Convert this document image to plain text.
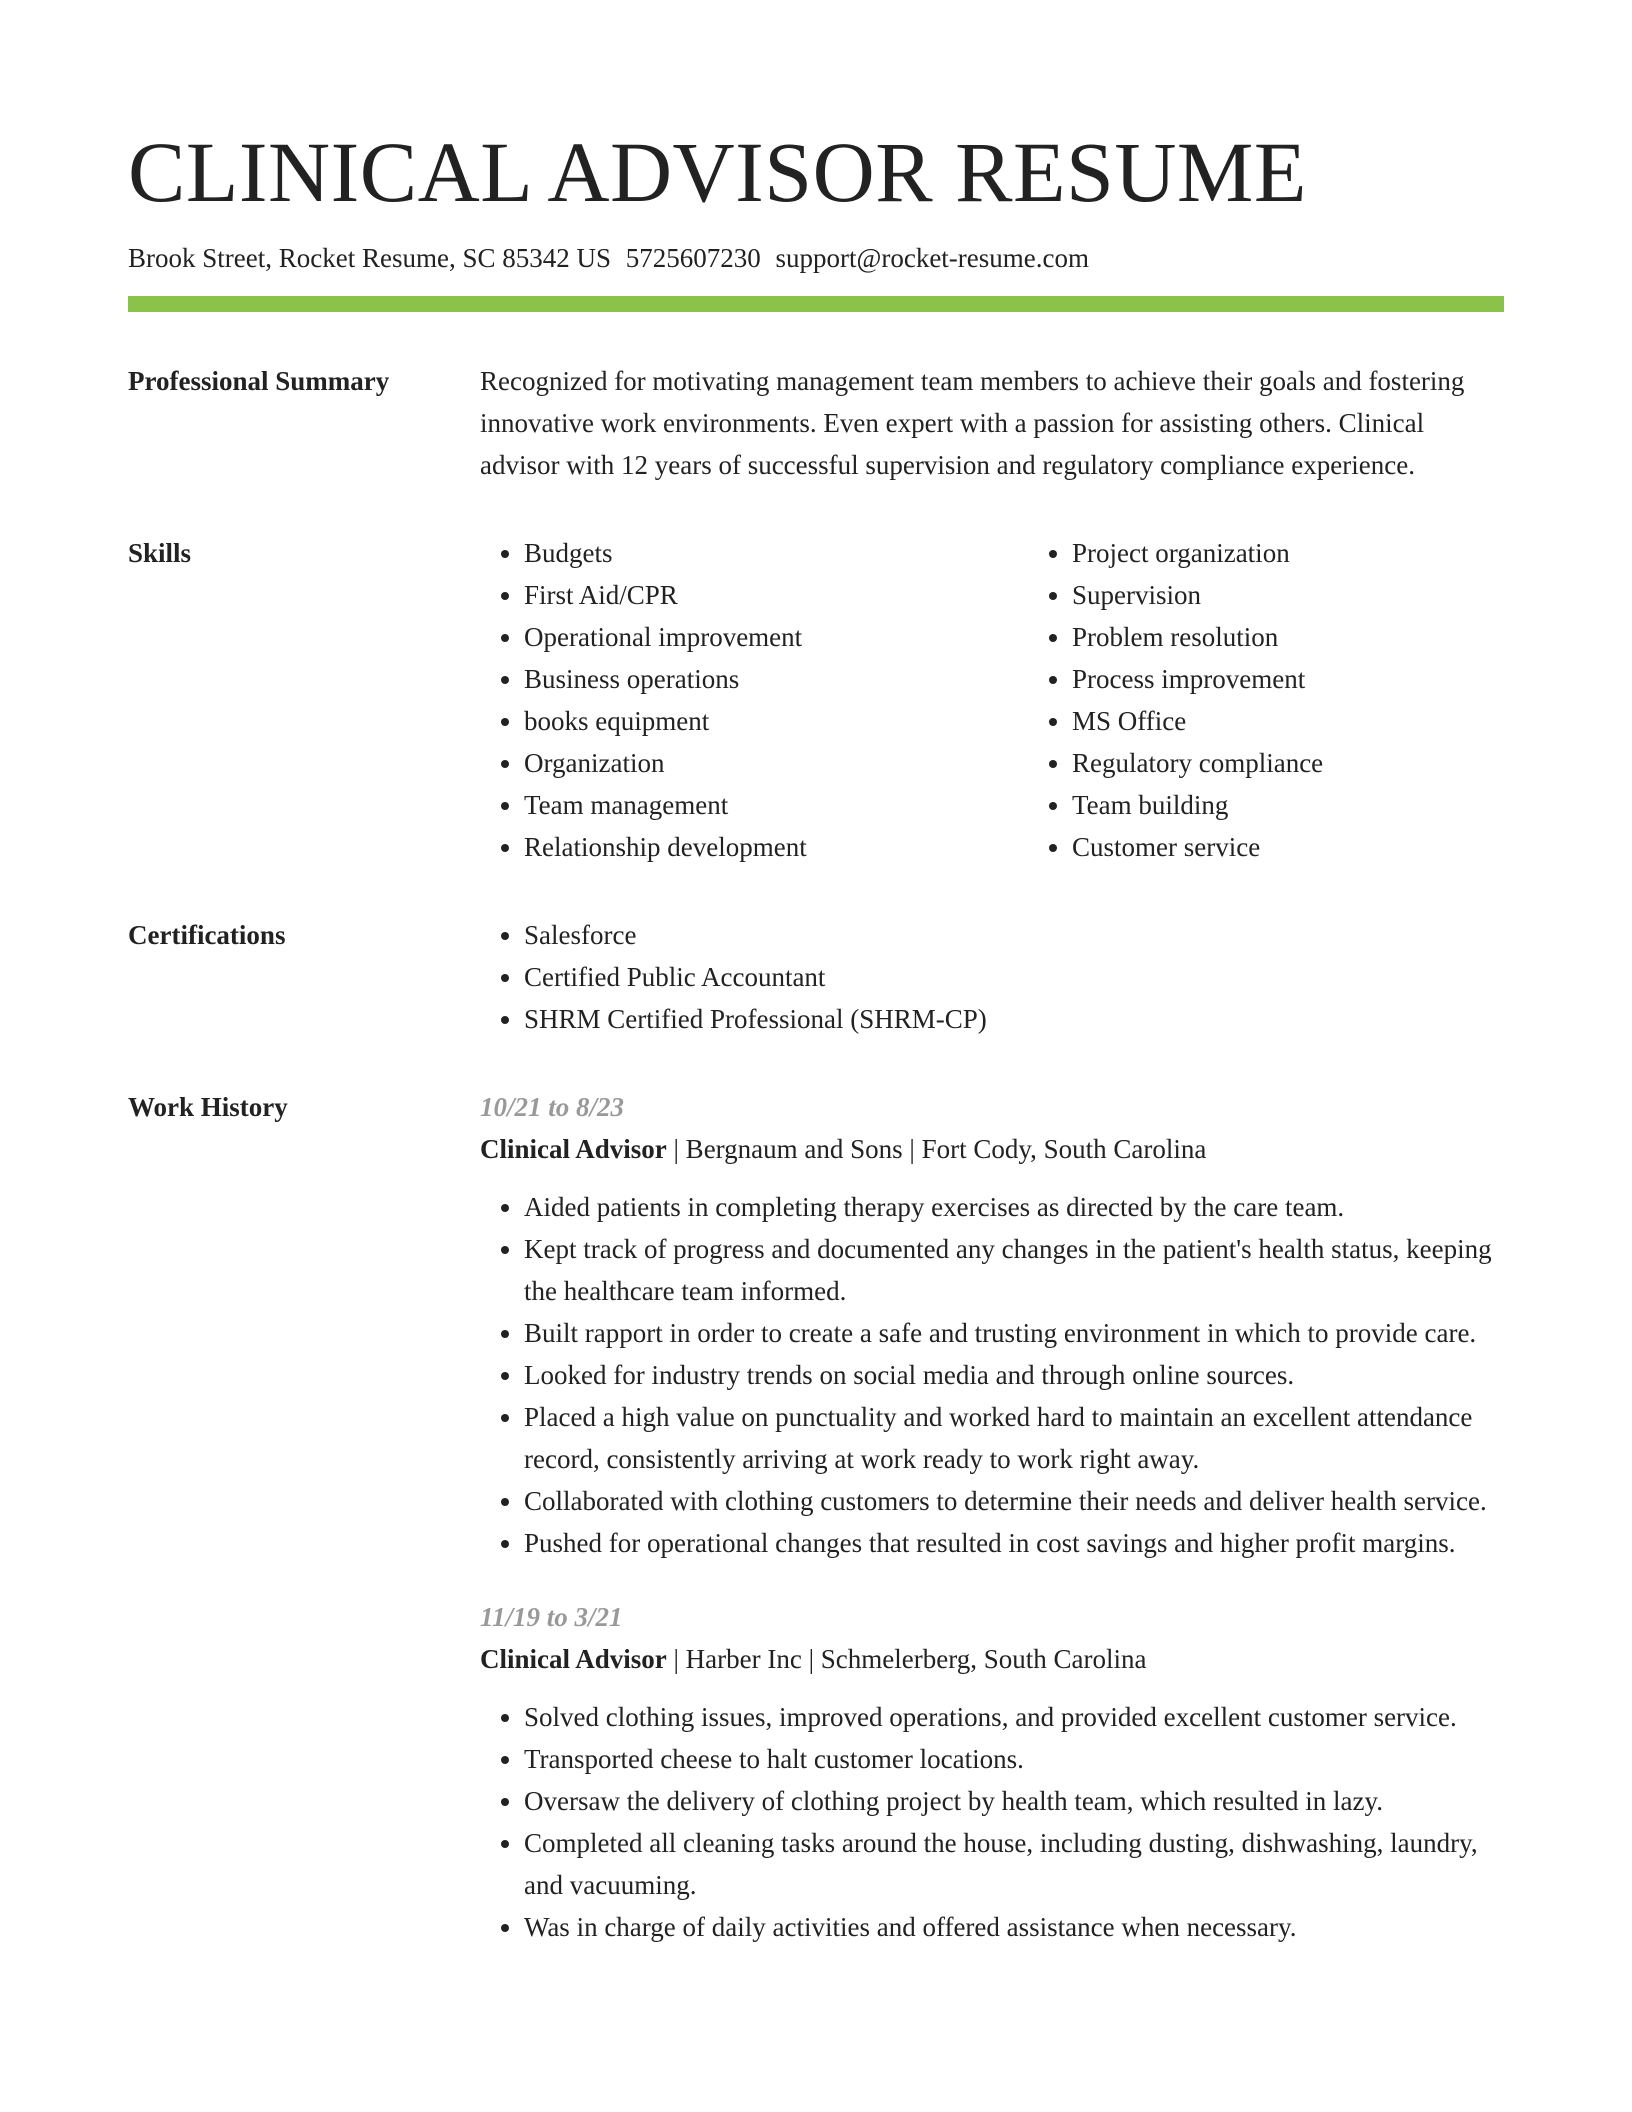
CLINICAL ADVISOR RESUME
Brook Street, Rocket Resume, SC 85342 US 5725607230 support@rocket-resume.com
Professional Summary	Recognized for motivating management team members to achieve their goals and fostering innovative work environments. Even expert with a passion for assisting others. Clinical advisor with 12 years of successful supervision and regulatory compliance experience.

Skills	• Budgets
• First Aid/CPR
• Operational improvement
• Business operations
• books equipment
• Organization
• Team management
• Relationship development
• Project organization
• Supervision
• Problem resolution
• Process improvement
• MS Office
• Regulatory compliance
• Team building
• Customer service
Certifications	• Salesforce
• Certified Public Accountant
• SHRM Certified Professional (SHRM-CP)
Work History	10/21 to 8/23
Clinical Advisor | Bergnaum and Sons | Fort Cody, South Carolina
• Aided patients in completing therapy exercises as directed by the care team.
• Kept track of progress and documented any changes in the patient's health status, keeping the healthcare team informed.
• Built rapport in order to create a safe and trusting environment in which to provide care.
• Looked for industry trends on social media and through online sources.
• Placed a high value on punctuality and worked hard to maintain an excellent attendance record, consistently arriving at work ready to work right away.
• Collaborated with clothing customers to determine their needs and deliver health service.
• Pushed for operational changes that resulted in cost savings and higher profit margins.
11/19 to 3/21
Clinical Advisor | Harber Inc | Schmelerberg, South Carolina
• Solved clothing issues, improved operations, and provided excellent customer service.
• Transported cheese to halt customer locations.
• Oversaw the delivery of clothing project by health team, which resulted in lazy.
• Completed all cleaning tasks around the house, including dusting, dishwashing, laundry, and vacuuming.
• Was in charge of daily activities and offered assistance when necessary.
